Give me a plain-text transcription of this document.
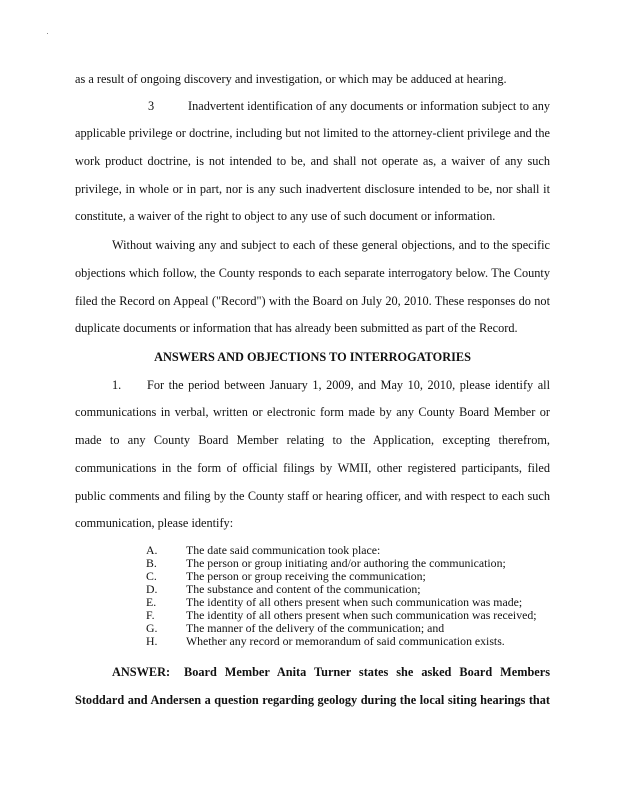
as a result of ongoing discovery and investigation, or which may be adduced at hearing.
3	Inadvertent identification of any documents or information subject to any
applicable privilege or doctrine, including but not limited to the attorney-client privilege and the
work product doctrine, is not intended to be, and shall not operate as, a waiver of any such
privilege, in whole or in part, nor is any such inadvertent disclosure intended to be, nor shall it
constitute, a waiver of the right to object to any use of such document or information.
Without waiving any and subject to each of these general objections, and to the specific
objections which follow, the County responds to each separate interrogatory below. The County
filed the Record on Appeal ("Record") with the Board on July 20, 2010. These responses do not
duplicate documents or information that has already been submitted as part of the Record.
ANSWERS AND OBJECTIONS TO INTERROGATORIES
1. For the period between January 1, 2009, and May 10, 2010, please identify all
communications in verbal, written or electronic form made by any County Board Member or
made to any County Board Member relating to the Application, excepting therefrom,
communications in the form of official filings by WMII, other registered participants, filed
public comments and filing by the County staff or hearing officer, and with respect to each such
communication, please identify:
A. The date said communication took place:
B. The person or group initiating and/or authoring the communication;
C. The person or group receiving the communication;
D. The substance and content of the communication;
E.	The identity of all others present when such communication was made;
F.	The identity of all others present when such communication was received;
G. The manner of the delivery of the communication; and
H. Whether any record or memorandum of said communication exists.
ANSWER: Board Member Anita Turner states she asked Board Members
Stoddard and Andersen a question regarding geology during the local siting hearings that
